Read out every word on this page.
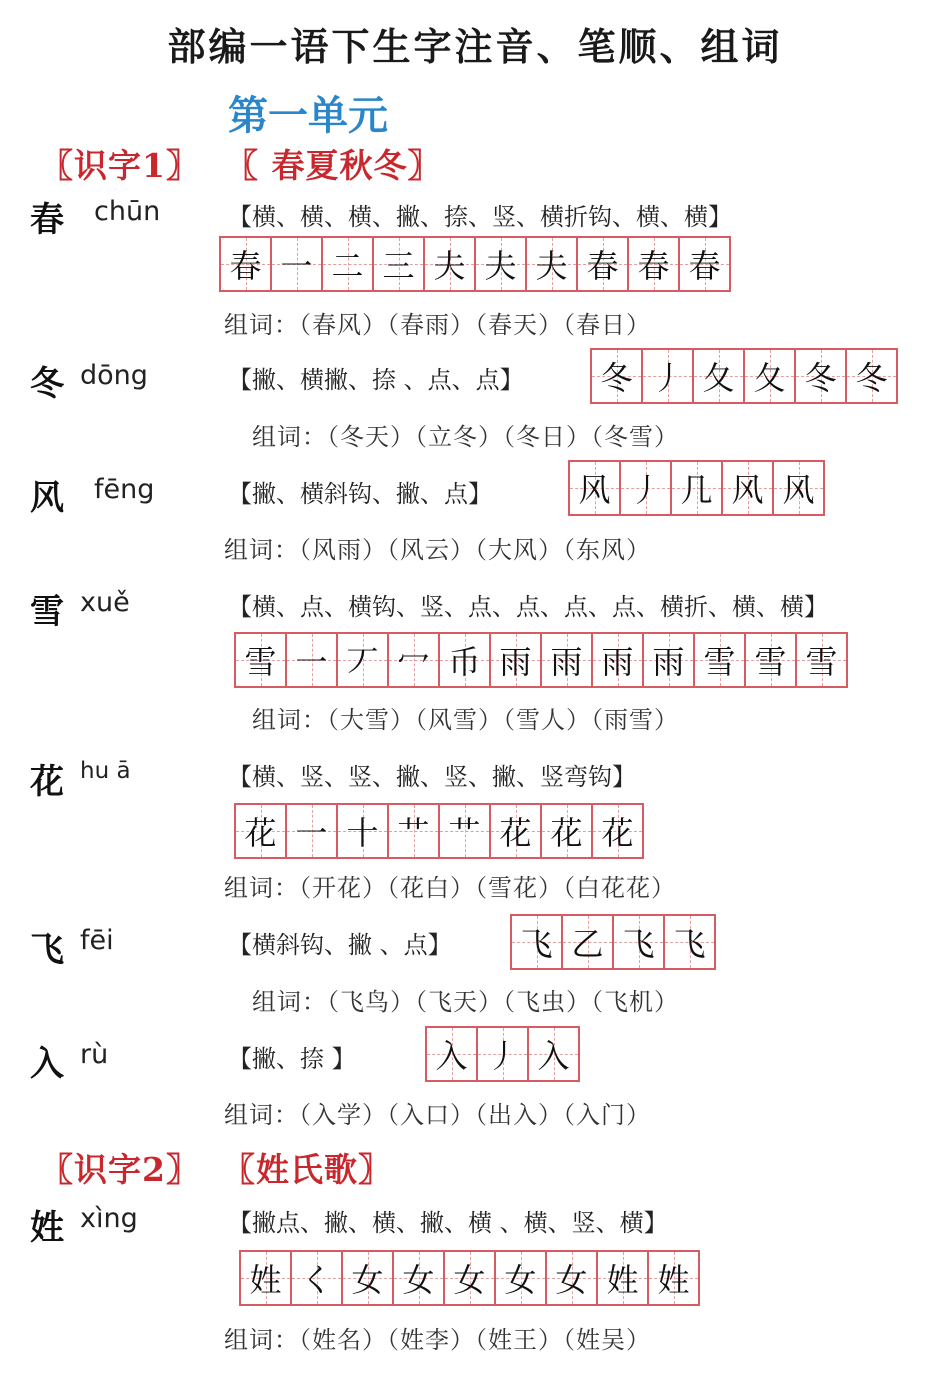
部编一语下生字注音、笔顺、组词
第一单元
〖识字1〗 〖 春夏秋冬〗
春 chūn	【横、横、横、撇、捺、竖、横折钩、横、横】
春 一 二 三 夫 夫 夫 春 春 春
组词：（春风）（春雨）（春天）（春日）
冬 dōng	【撇、横撇、捺 、点、点】 冬 丿 夂 夂 冬 冬
组词：（冬天）（立冬）（冬日）（冬雪）
风 fēng	【撇、横斜钩、撇、点】	风 丿 几 风 风
组词：（风雨）（风云）（大风）（东风）
雪 xuě	【横、点、横钩、竖、点、点、点、点、横折、横、横】
雪 一 丆 冖 币 雨 雨 雨 雨 雪 雪 雪
组词：（大雪）（风雪）（雪人）（雨雪）
花 hu ā	【横、竖、竖、撇、竖、撇、竖弯钩】
花 一 十 艹 艹 花 花 花
组词：（开花）（花白）（雪花）（白花花）
飞 fēi	【横斜钩、撇 、点】 飞 乙 飞 飞
组词：（飞鸟）（飞天）（飞虫）（飞机）
入 rù	【撇、捺 】 入 丿 入
组词：（入学）（入口）（出入）（入门）
〖识字2〗 〖姓氏歌〗
姓 xìng	【撇点、撇、横、撇、横 、横、竖、横】
姓 く 女 女 女 女 女 姓 姓
组词：（姓名）（姓李）（姓王）（姓吴）
